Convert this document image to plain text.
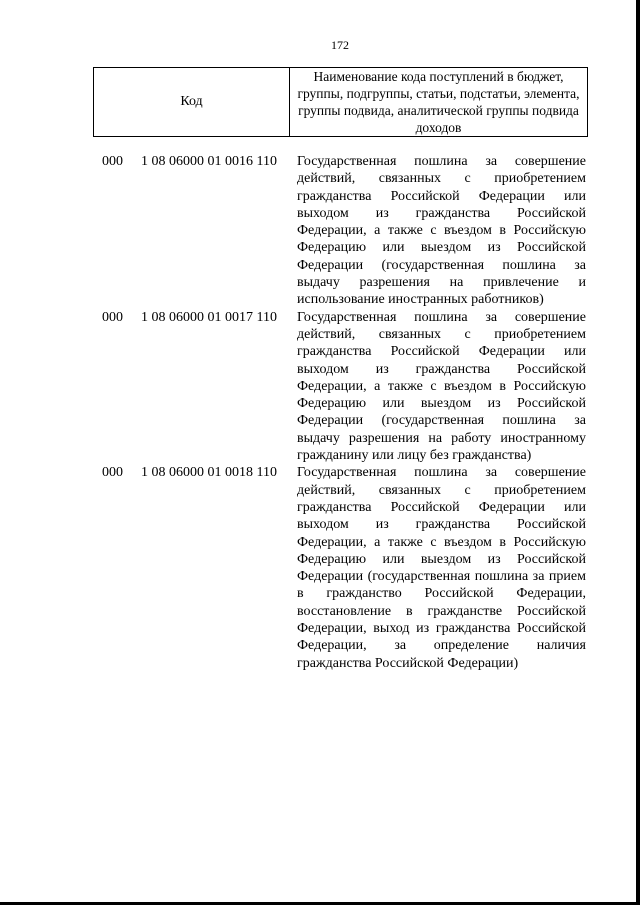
172
Код
Наименование кода поступлений в бюджет, группы, подгруппы, статьи, подстатьи, элемента, группы подвида, аналитической группы подвида доходов
000 1 08 06000 01 0016 110 Государственная пошлина за совершение действий, связанных с приобретением гражданства Российской Федерации или выходом из гражданства Российской Федерации, а также с въездом в Российскую Федерацию или выездом из Российской Федерации (государственная пошлина за выдачу разрешения на привлечение и использование иностранных работников)
000 1 08 06000 01 0017 110 Государственная пошлина за совершение действий, связанных с приобретением гражданства Российской Федерации или выходом из гражданства Российской Федерации, а также с въездом в Российскую Федерацию или выездом из Российской Федерации (государственная пошлина за выдачу разрешения на работу иностранному гражданину или лицу без гражданства)
000 1 08 06000 01 0018 110 Государственная пошлина за совершение действий, связанных с приобретением гражданства Российской Федерации или выходом из гражданства Российской Федерации, а также с въездом в Российскую Федерацию или выездом из Российской Федерации (государственная пошлина за прием в гражданство Российской Федерации, восстановление в гражданстве Российской Федерации, выход из гражданства Российской Федерации, за определение наличия гражданства Российской Федерации)
